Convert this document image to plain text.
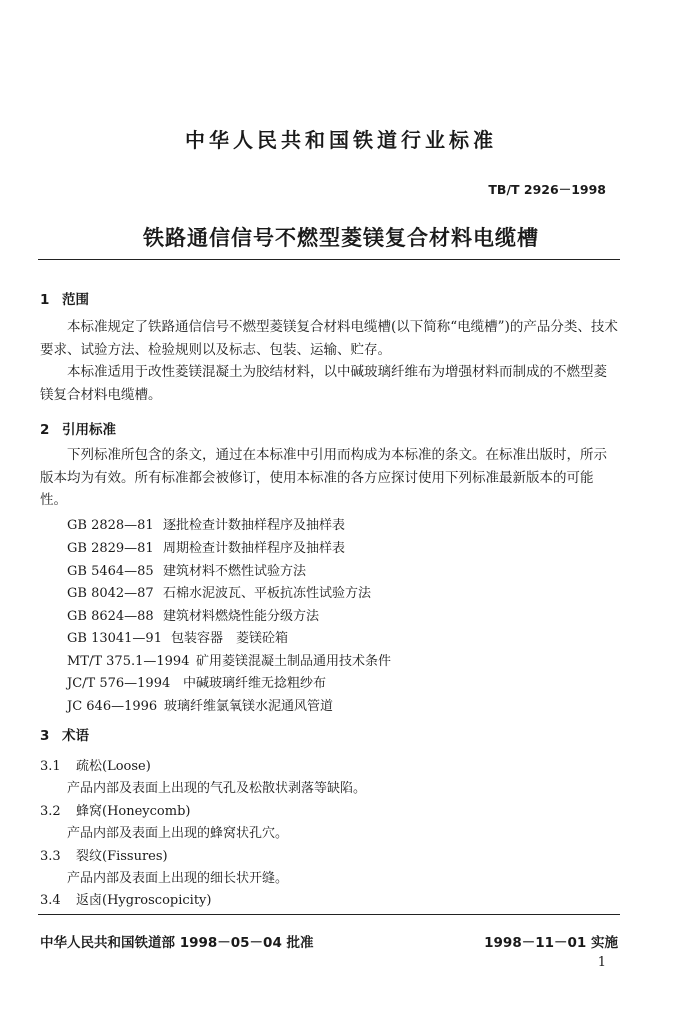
中华人民共和国铁道行业标准
TB/T 2926－1998
铁路通信信号不燃型菱镁复合材料电缆槽
1 范围
本标准规定了铁路通信信号不燃型菱镁复合材料电缆槽(以下简称“电缆槽”)的产品分类、技术要求、试验方法、检验规则以及标志、包装、运输、贮存。
本标准适用于改性菱镁混凝土为胶结材料，以中碱玻璃纤维布为增强材料而制成的不燃型菱镁复合材料电缆槽。
2 引用标准
下列标准所包含的条文，通过在本标准中引用而构成为本标准的条文。在标准出版时，所示版本均为有效。所有标准都会被修订，使用本标准的各方应探讨使用下列标准最新版本的可能性。
GB 2828—81 逐批检查计数抽样程序及抽样表
GB 2829—81 周期检查计数抽样程序及抽样表
GB 5464—85 建筑材料不燃性试验方法
GB 8042—87 石棉水泥波瓦、平板抗冻性试验方法
GB 8624—88 建筑材料燃烧性能分级方法
GB 13041—91 包装容器　菱镁砼箱
MT/T 375.1—1994 矿用菱镁混凝土制品通用技术条件
JC/T 576—1994 中碱玻璃纤维无捻粗纱布
JC 646—1996 玻璃纤维氯氧镁水泥通风管道
3 术语
3.1 疏松(Loose)
产品内部及表面上出现的气孔及松散状剥落等缺陷。
3.2 蜂窝(Honeycomb)
产品内部及表面上出现的蜂窝状孔穴。
3.3 裂纹(Fissures)
产品内部及表面上出现的细长状开缝。
3.4 返卤(Hygroscopicity)
中华人民共和国铁道部 1998－05－04 批准	1998－11－01 实施
1
